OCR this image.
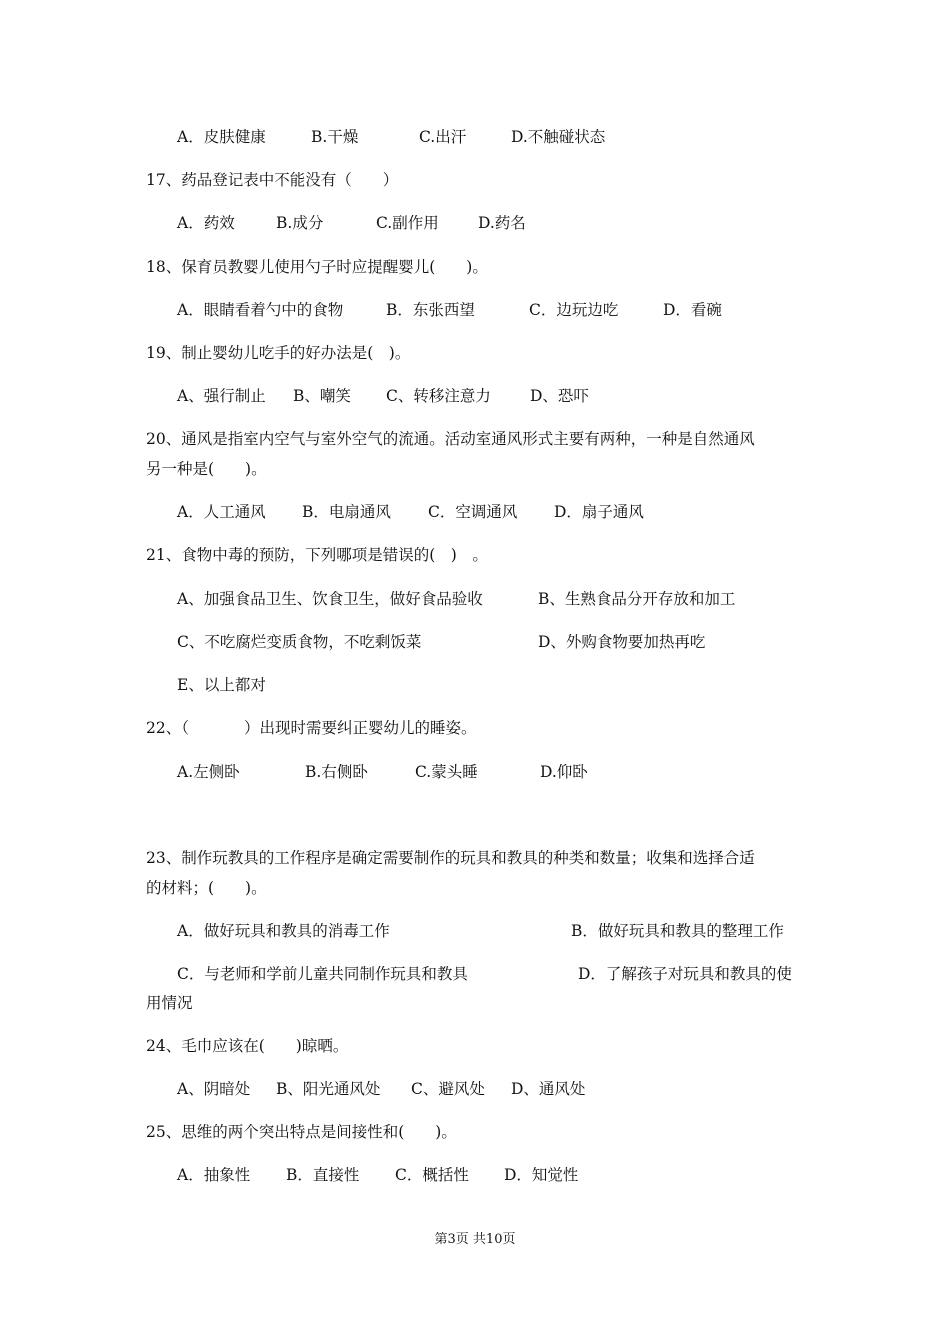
A．皮肤健康	B.干燥	C.出汗	D.不触碰状态
17、药品登记表中不能没有（　　）
A．药效	B.成分	C.副作用	D.药名
18、保育员教婴儿使用勺子时应提醒婴儿(　　)。
A．眼睛看着勺中的食物	B．东张西望	C．边玩边吃	D．看碗
19、制止婴幼儿吃手的好办法是(　)。
A、强行制止 B、嘲笑 C、转移注意力	D、恐吓
20、通风是指室内空气与室外空气的流通。活动室通风形式主要有两种，一种是自然通风
另一种是(　　)。
A．人工通风 B．电扇通风 C．空调通风 D．扇子通风
21、食物中毒的预防，下列哪项是错误的(　)　。
A、加强食品卫生、饮食卫生，做好食品验收	B、生熟食品分开存放和加工
C、不吃腐烂变质食物，不吃剩饭菜	D、外购食物要加热再吃
E、以上都对
22、（	）出现时需要纠正婴幼儿的睡姿。
A.左侧卧	B.右侧卧	C.蒙头睡	D.仰卧
23、制作玩教具的工作程序是确定需要制作的玩具和教具的种类和数量；收集和选择合适
的材料；(　　)。
A．做好玩具和教具的消毒工作	B．做好玩具和教具的整理工作
C．与老师和学前儿童共同制作玩具和教具	D．了解孩子对玩具和教具的使
用情况
24、毛巾应该在(　　)晾晒。
A、阴暗处 B、阳光通风处 C、避风处 D、通风处
25、思维的两个突出特点是间接性和(　　)。
A．抽象性 B．直接性 C．概括性 D．知觉性
第3页 共10页
